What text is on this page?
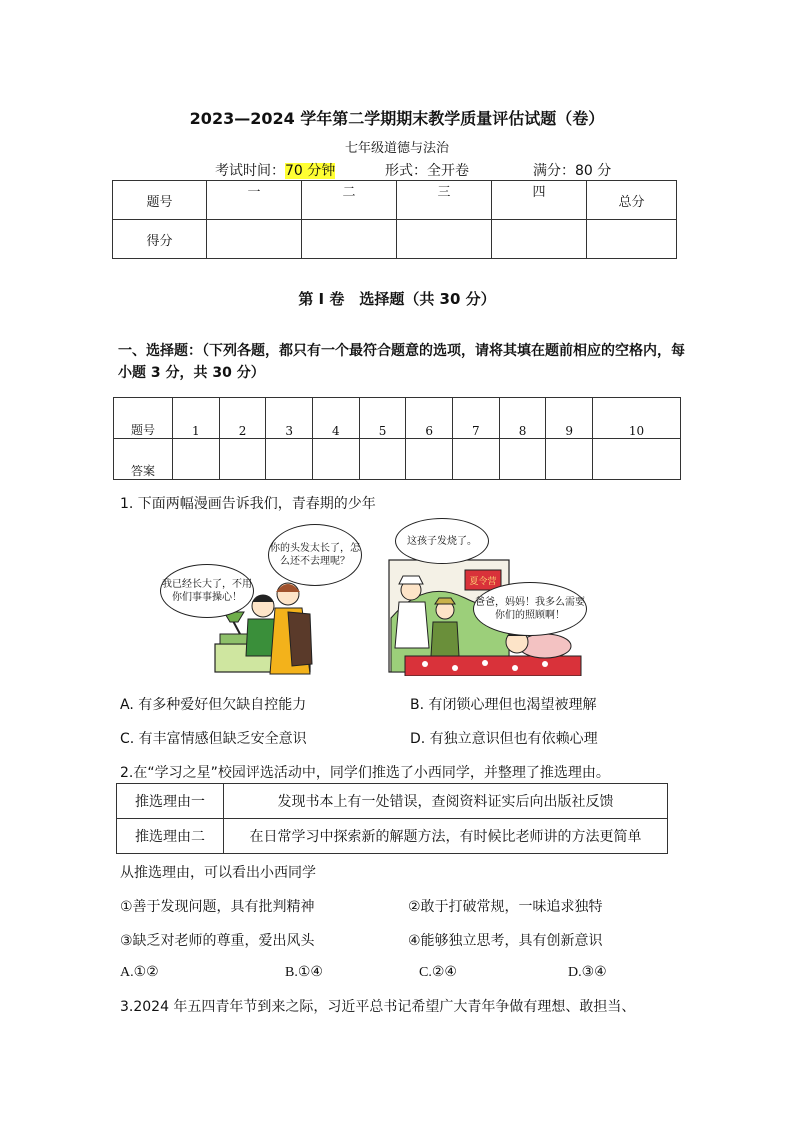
2023—2024 学年第二学期期末教学质量评估试题（卷）
七年级道德与法治
考试时间：70 分钟	形式：全开卷	满分：80 分
题号	一	二	三	四	总分
得分					
第 I 卷　选择题（共 30 分）
一、选择题：（下列各题，都只有一个最符合题意的选项，请将其填在题前相应的空格内，每小题 3 分，共 30 分）
题号	1	2	3	4	5	6	7	8	9	10
答案										
1. 下面两幅漫画告诉我们，青春期的少年
我已经长大了，不用你们事事操心！
你的头发太长了，怎么还不去理呢？
夏令营
这孩子发烧了。
爸爸，妈妈！我多么需要你们的照顾啊！
A. 有多种爱好但欠缺自控能力	B. 有闭锁心理但也渴望被理解
C. 有丰富情感但缺乏安全意识	D. 有独立意识但也有依赖心理
2.在“学习之星”校园评选活动中，同学们推选了小西同学，并整理了推选理由。
推选理由一	发现书本上有一处错误，查阅资料证实后向出版社反馈
推选理由二	在日常学习中探索新的解题方法，有时候比老师讲的方法更简单
从推选理由，可以看出小西同学
①善于发现问题，具有批判精神	②敢于打破常规，一味追求独特
③缺乏对老师的尊重，爱出风头	④能够独立思考，具有创新意识
A.①②	B.①④	C.②④	D.③④
3.2024 年五四青年节到来之际，习近平总书记希望广大青年争做有理想、敢担当、
